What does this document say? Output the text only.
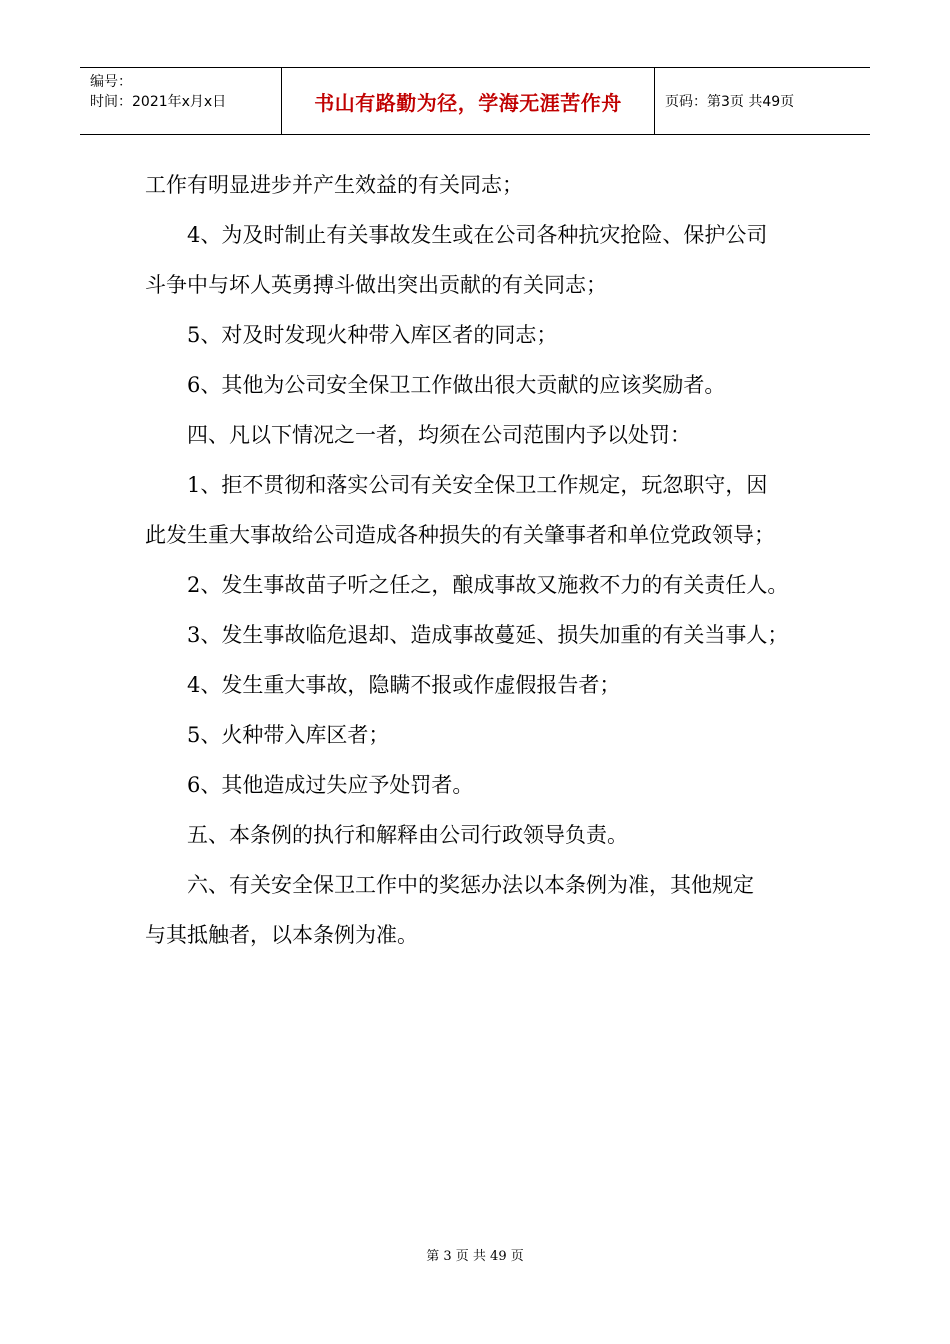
编号：
时间：2021年x月x日	书山有路勤为径，学海无涯苦作舟	页码：第3页 共49页

工作有明显进步并产生效益的有关同志；

4、为及时制止有关事故发生或在公司各种抗灾抢险、保护公司

斗争中与坏人英勇搏斗做出突出贡献的有关同志；

5、对及时发现火种带入库区者的同志；

6、其他为公司安全保卫工作做出很大贡献的应该奖励者。

四、凡以下情况之一者，均须在公司范围内予以处罚：

1、拒不贯彻和落实公司有关安全保卫工作规定，玩忽职守，因

此发生重大事故给公司造成各种损失的有关肇事者和单位党政领导；

2、发生事故苗子听之任之，酿成事故又施救不力的有关责任人。

3、发生事故临危退却、造成事故蔓延、损失加重的有关当事人；

4、发生重大事故，隐瞒不报或作虚假报告者；

5、火种带入库区者；

6、其他造成过失应予处罚者。

五、本条例的执行和解释由公司行政领导负责。

六、有关安全保卫工作中的奖惩办法以本条例为准，其他规定

与其抵触者，以本条例为准。

第 3 页 共 49 页
